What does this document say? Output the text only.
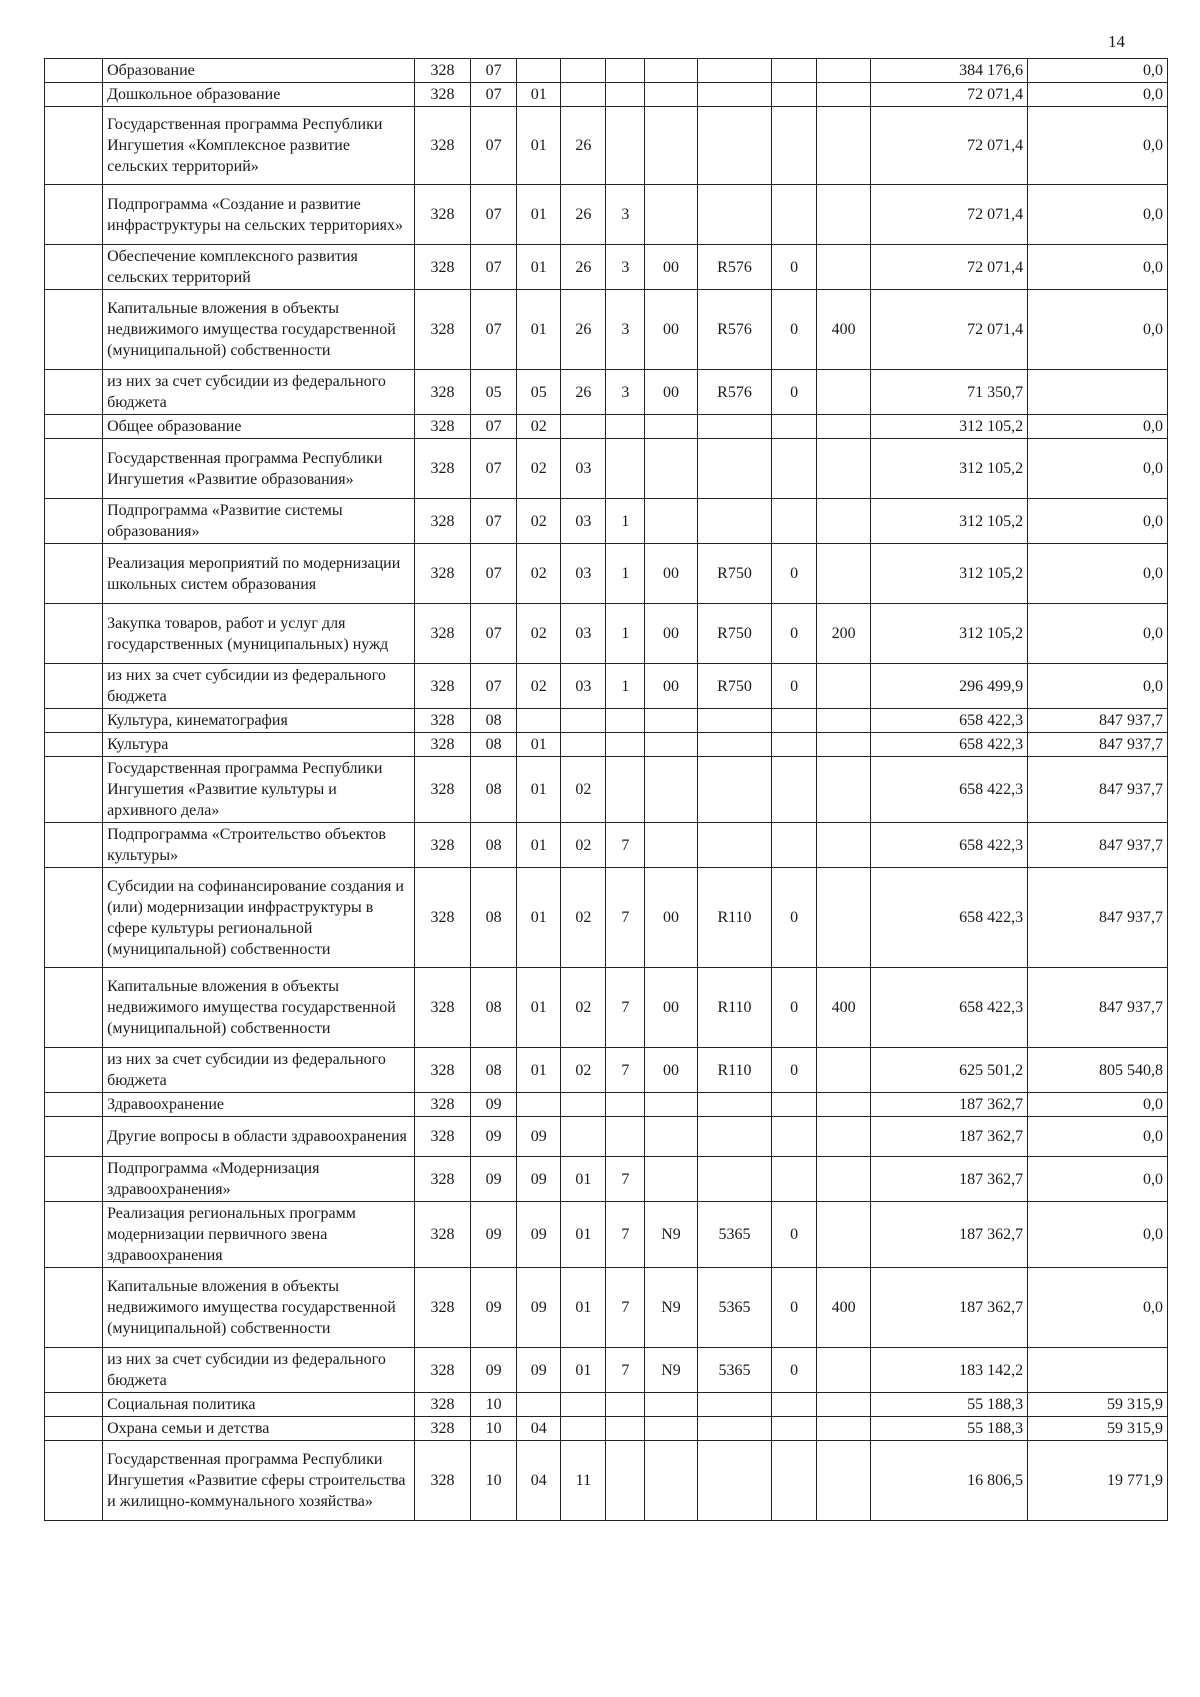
14
	Образование	328	07								384 176,6	0,0
	Дошкольное образование	328	07	01							72 071,4	0,0
	Государственная программа Республики Ингушетия «Комплексное развитие сельских территорий»	328	07	01	26						72 071,4	0,0
	Подпрограмма «Создание и развитие инфраструктуры на сельских территориях»	328	07	01	26	3					72 071,4	0,0
	Обеспечение комплексного развития сельских территорий	328	07	01	26	3	00	R576	0		72 071,4	0,0
	Капитальные вложения в объекты недвижимого имущества государственной (муниципальной) собственности	328	07	01	26	3	00	R576	0	400	72 071,4	0,0
	из них за счет субсидии из федерального бюджета	328	05	05	26	3	00	R576	0		71 350,7	
	Общее образование	328	07	02							312 105,2	0,0
	Государственная программа Республики Ингушетия «Развитие образования»	328	07	02	03						312 105,2	0,0
	Подпрограмма «Развитие системы образования»	328	07	02	03	1					312 105,2	0,0
	Реализация мероприятий по модернизации школьных систем образования	328	07	02	03	1	00	R750	0		312 105,2	0,0
	Закупка товаров, работ и услуг для государственных (муниципальных) нужд	328	07	02	03	1	00	R750	0	200	312 105,2	0,0
	из них за счет субсидии из федерального бюджета	328	07	02	03	1	00	R750	0		296 499,9	0,0
	Культура, кинематография	328	08								658 422,3	847 937,7
	Культура	328	08	01							658 422,3	847 937,7
	Государственная программа Республики Ингушетия «Развитие культуры и архивного дела»	328	08	01	02						658 422,3	847 937,7
	Подпрограмма «Строительство объектов культуры»	328	08	01	02	7					658 422,3	847 937,7
	Субсидии на софинансирование создания и (или) модернизации инфраструктуры в сфере культуры региональной (муниципальной) собственности	328	08	01	02	7	00	R110	0		658 422,3	847 937,7
	Капитальные вложения в объекты недвижимого имущества государственной (муниципальной) собственности	328	08	01	02	7	00	R110	0	400	658 422,3	847 937,7
	из них за счет субсидии из федерального бюджета	328	08	01	02	7	00	R110	0		625 501,2	805 540,8
	Здравоохранение	328	09								187 362,7	0,0
	Другие вопросы в области здравоохранения	328	09	09							187 362,7	0,0
	Подпрограмма «Модернизация здравоохранения»	328	09	09	01	7					187 362,7	0,0
	Реализация региональных программ модернизации первичного звена здравоохранения	328	09	09	01	7	N9	5365	0		187 362,7	0,0
	Капитальные вложения в объекты недвижимого имущества государственной (муниципальной) собственности	328	09	09	01	7	N9	5365	0	400	187 362,7	0,0
	из них за счет субсидии из федерального бюджета	328	09	09	01	7	N9	5365	0		183 142,2	
	Социальная политика	328	10								55 188,3	59 315,9
	Охрана семьи и детства	328	10	04							55 188,3	59 315,9
	Государственная программа Республики Ингушетия «Развитие сферы строительства и жилищно-коммунального хозяйства»	328	10	04	11						16 806,5	19 771,9
